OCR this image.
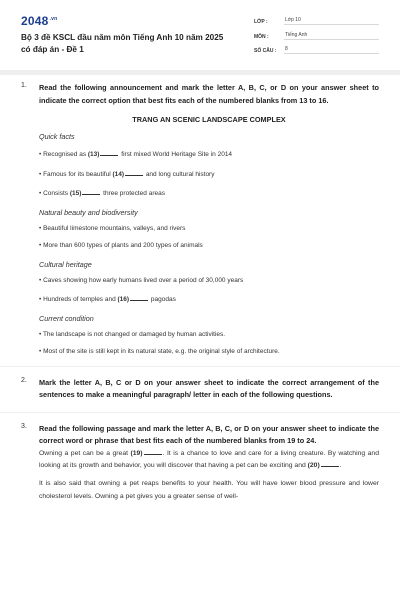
$2048^{.vn}$
Bộ 3 đề KSCL đầu năm môn Tiếng Anh 10 năm 2025 có đáp án - Đề 1
LỚP :	Lớp 10
MÔN :	Tiếng Anh
SỐ CÂU :	8
1. Read the following announcement and mark the letter A, B, C, or D on your answer sheet to indicate the correct option that best fits each of the numbered blanks from 13 to 16.
TRANG AN SCENIC LANDSCAPE COMPLEX
Quick facts
• Recognised as (13)	first mixed World Heritage Site in 2014
• Famous for its beautiful (14)	and long cultural history
• Consists (15)	three protected areas
Natural beauty and biodiversity
• Beautiful limestone mountains, valleys, and rivers
• More than 600 types of plants and 200 types of animals
Cultural heritage
• Caves showing how early humans lived over a period of 30,000 years
• Hundreds of temples and (16)	pagodas
Current condition
• The landscape is not changed or damaged by human activities.
• Most of the site is still kept in its natural state, e.g. the original style of architecture.
2. Mark the letter A, B, C or D on your answer sheet to indicate the correct arrangement of the sentences to make a meaningful paragraph/ letter in each of the following questions.
3. Read the following passage and mark the letter A, B, C, or D on your answer sheet to indicate the correct word or phrase that best fits each of the numbered blanks from 19 to 24.
Owning a pet can be a great (19)	. It is a chance to love and care for a living creature. By watching and looking at its growth and behavior, you will discover that having a pet can be exciting and (20)	.
It is also said that owning a pet reaps benefits to your health. You will have lower blood pressure and lower cholesterol levels. Owning a pet gives you a greater sense of well-
